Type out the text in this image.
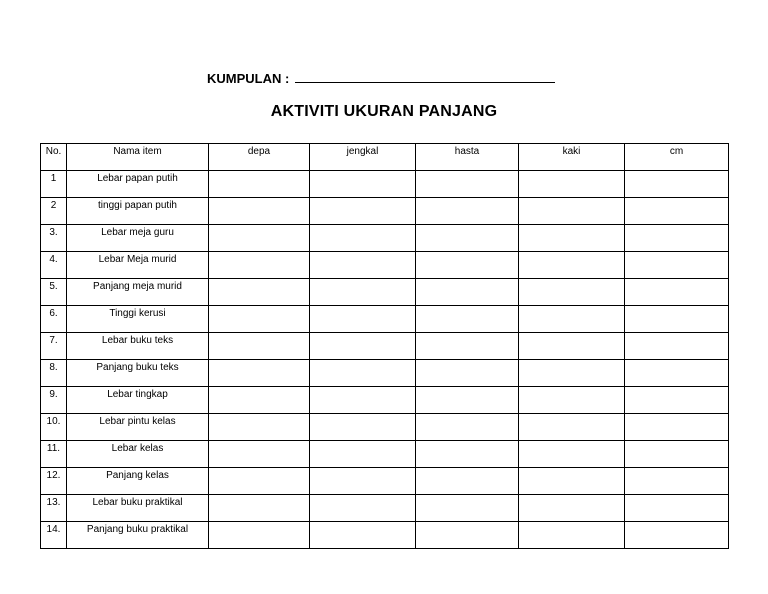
KUMPULAN :
AKTIVITI UKURAN PANJANG
No.	Nama item	depa	jengkal	hasta	kaki	cm
1	Lebar papan putih					
2	tinggi papan putih					
3.	Lebar meja guru					
4.	Lebar Meja murid					
5.	Panjang meja murid					
6.	Tinggi kerusi					
7.	Lebar buku teks					
8.	Panjang buku teks					
9.	Lebar tingkap					
10.	Lebar pintu kelas					
11.	Lebar kelas					
12.	Panjang kelas					
13.	Lebar buku praktikal					
14.	Panjang buku praktikal					
